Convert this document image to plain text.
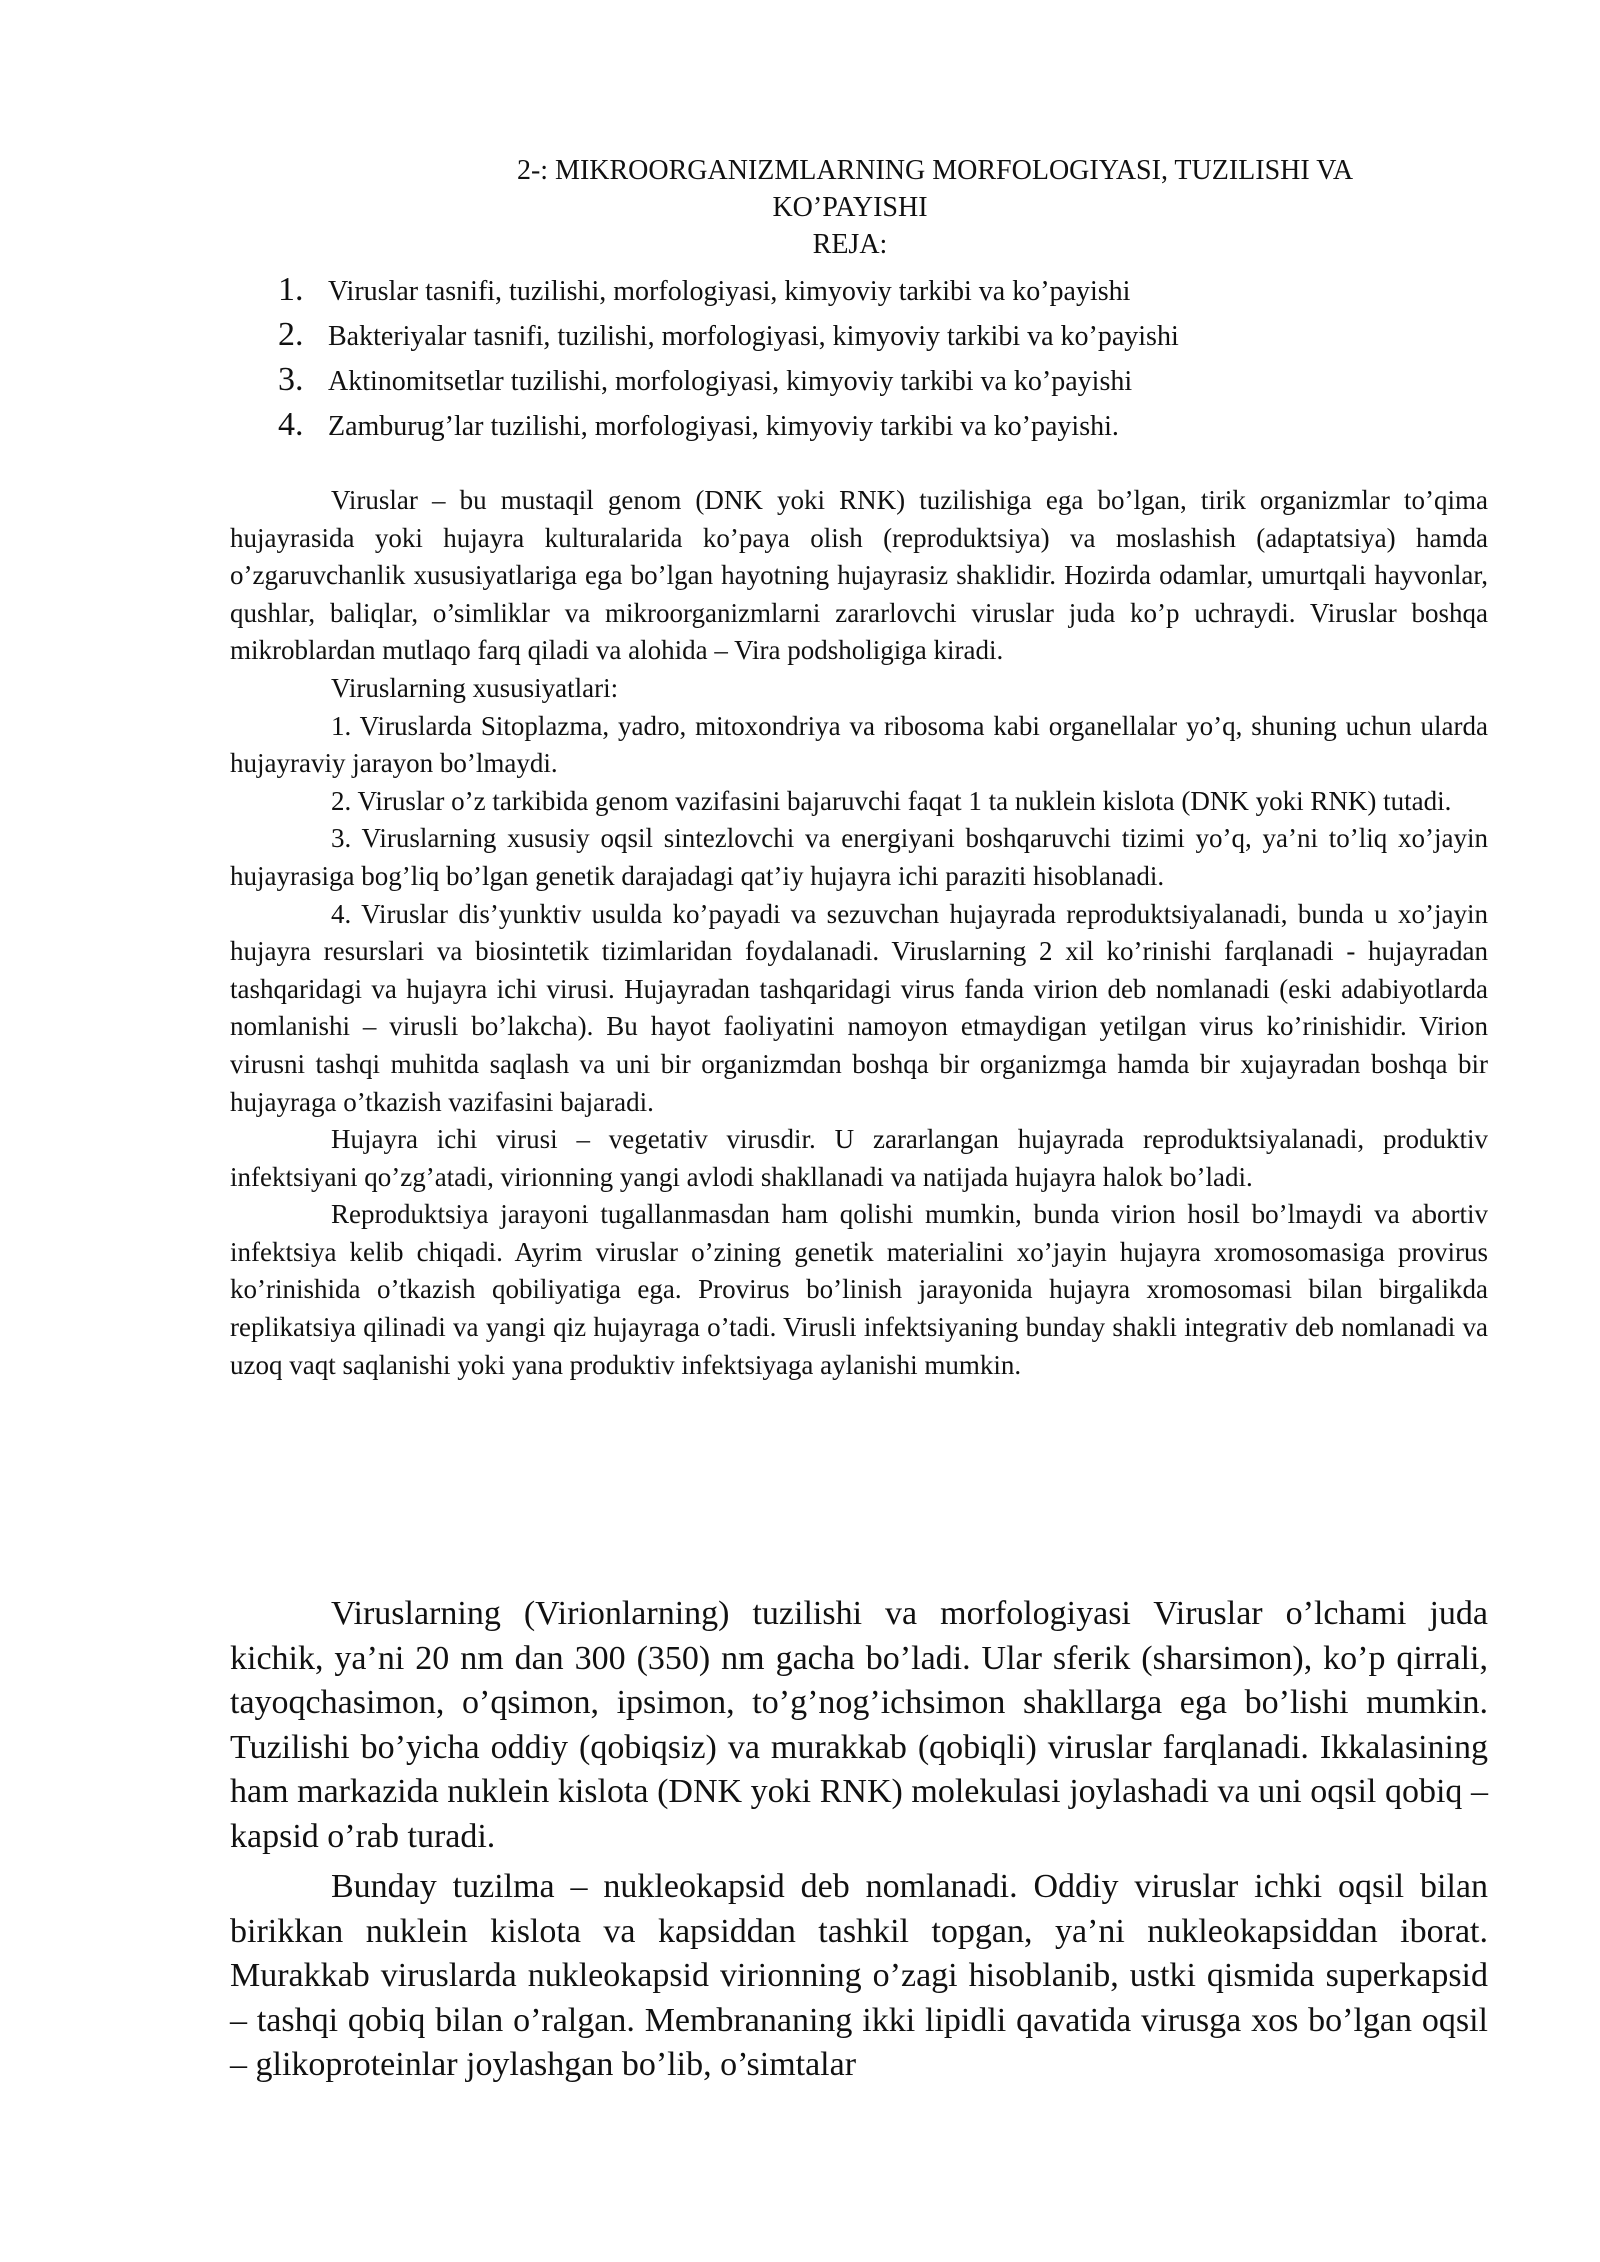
2-: MIKROORGANIZMLARNING MORFOLOGIYASI, TUZILISHI VA
KO’PAYISHI
REJA:
1. Viruslar tasnifi, tuzilishi, morfologiyasi, kimyoviy tarkibi va ko’payishi
2. Bakteriyalar tasnifi, tuzilishi, morfologiyasi, kimyoviy tarkibi va ko’payishi
3. Aktinomitsetlar tuzilishi, morfologiyasi, kimyoviy tarkibi va ko’payishi
4. Zamburug’lar tuzilishi, morfologiyasi, kimyoviy tarkibi va ko’payishi.

Viruslar – bu mustaqil genom (DNK yoki RNK) tuzilishiga ega bo’lgan, tirik organizmlar to’qima hujayrasida yoki hujayra kulturalarida ko’paya olish (reproduktsiya) va moslashish (adaptatsiya) hamda o’zgaruvchanlik xususiyatlariga ega bo’lgan hayotning hujayrasiz shaklidir. Hozirda odamlar, umurtqali hayvonlar, qushlar, baliqlar, o’simliklar va mikroorganizmlarni zararlovchi viruslar juda ko’p uchraydi. Viruslar boshqa mikroblardan mutlaqo farq qiladi va alohida – Vira podsholigiga kiradi.

Viruslarning xususiyatlari:

1. Viruslarda Sitoplazma, yadro, mitoxondriya va ribosoma kabi organellalar yo’q, shuning uchun ularda hujayraviy jarayon bo’lmaydi.

2. Viruslar o’z tarkibida genom vazifasini bajaruvchi faqat 1 ta nuklein kislota (DNK yoki RNK) tutadi.

3. Viruslarning xususiy oqsil sintezlovchi va energiyani boshqaruvchi tizimi yo’q, ya’ni to’liq xo’jayin hujayrasiga bog’liq bo’lgan genetik darajadagi qat’iy hujayra ichi paraziti hisoblanadi.

4. Viruslar dis’yunktiv usulda ko’payadi va sezuvchan hujayrada reproduktsiyalanadi, bunda u xo’jayin hujayra resurslari va biosintetik tizimlaridan foydalanadi. Viruslarning 2 xil ko’rinishi farqlanadi - hujayradan tashqaridagi va hujayra ichi virusi. Hujayradan tashqaridagi virus fanda virion deb nomlanadi (eski adabiyotlarda nomlanishi – virusli bo’lakcha). Bu hayot faoliyatini namoyon etmaydigan yetilgan virus ko’rinishidir. Virion virusni tashqi muhitda saqlash va uni bir organizmdan boshqa bir organizmga hamda bir xujayradan boshqa bir hujayraga o’tkazish vazifasini bajaradi.

Hujayra ichi virusi – vegetativ virusdir. U zararlangan hujayrada reproduktsiyalanadi, produktiv infektsiyani qo’zg’atadi, virionning yangi avlodi shakllanadi va natijada hujayra halok bo’ladi.

Reproduktsiya jarayoni tugallanmasdan ham qolishi mumkin, bunda virion hosil bo’lmaydi va abortiv infektsiya kelib chiqadi. Ayrim viruslar o’zining genetik materialini xo’jayin hujayra xromosomasiga provirus ko’rinishida o’tkazish qobiliyatiga ega. Provirus bo’linish jarayonida hujayra xromosomasi bilan birgalikda replikatsiya qilinadi va yangi qiz hujayraga o’tadi. Virusli infektsiyaning bunday shakli integrativ deb nomlanadi va uzoq vaqt saqlanishi yoki yana produktiv infektsiyaga aylanishi mumkin.

Viruslarning (Virionlarning) tuzilishi va morfologiyasi Viruslar o’lchami juda kichik, ya’ni 20 nm dan 300 (350) nm gacha bo’ladi. Ular sferik (sharsimon), ko’p qirrali, tayoqchasimon, o’qsimon, ipsimon, to’g’nog’ichsimon shakllarga ega bo’lishi mumkin. Tuzilishi bo’yicha oddiy (qobiqsiz) va murakkab (qobiqli) viruslar farqlanadi. Ikkalasining ham markazida nuklein kislota (DNK yoki RNK) molekulasi joylashadi va uni oqsil qobiq – kapsid o’rab turadi.

Bunday tuzilma – nukleokapsid deb nomlanadi. Oddiy viruslar ichki oqsil bilan birikkan nuklein kislota va kapsiddan tashkil topgan, ya’ni nukleokapsiddan iborat. Murakkab viruslarda nukleokapsid virionning o’zagi hisoblanib, ustki qismida superkapsid – tashqi qobiq bilan o’ralgan. Membrananing ikki lipidli qavatida virusga xos bo’lgan oqsil – glikoproteinlar joylashgan bo’lib, o’simtalar
